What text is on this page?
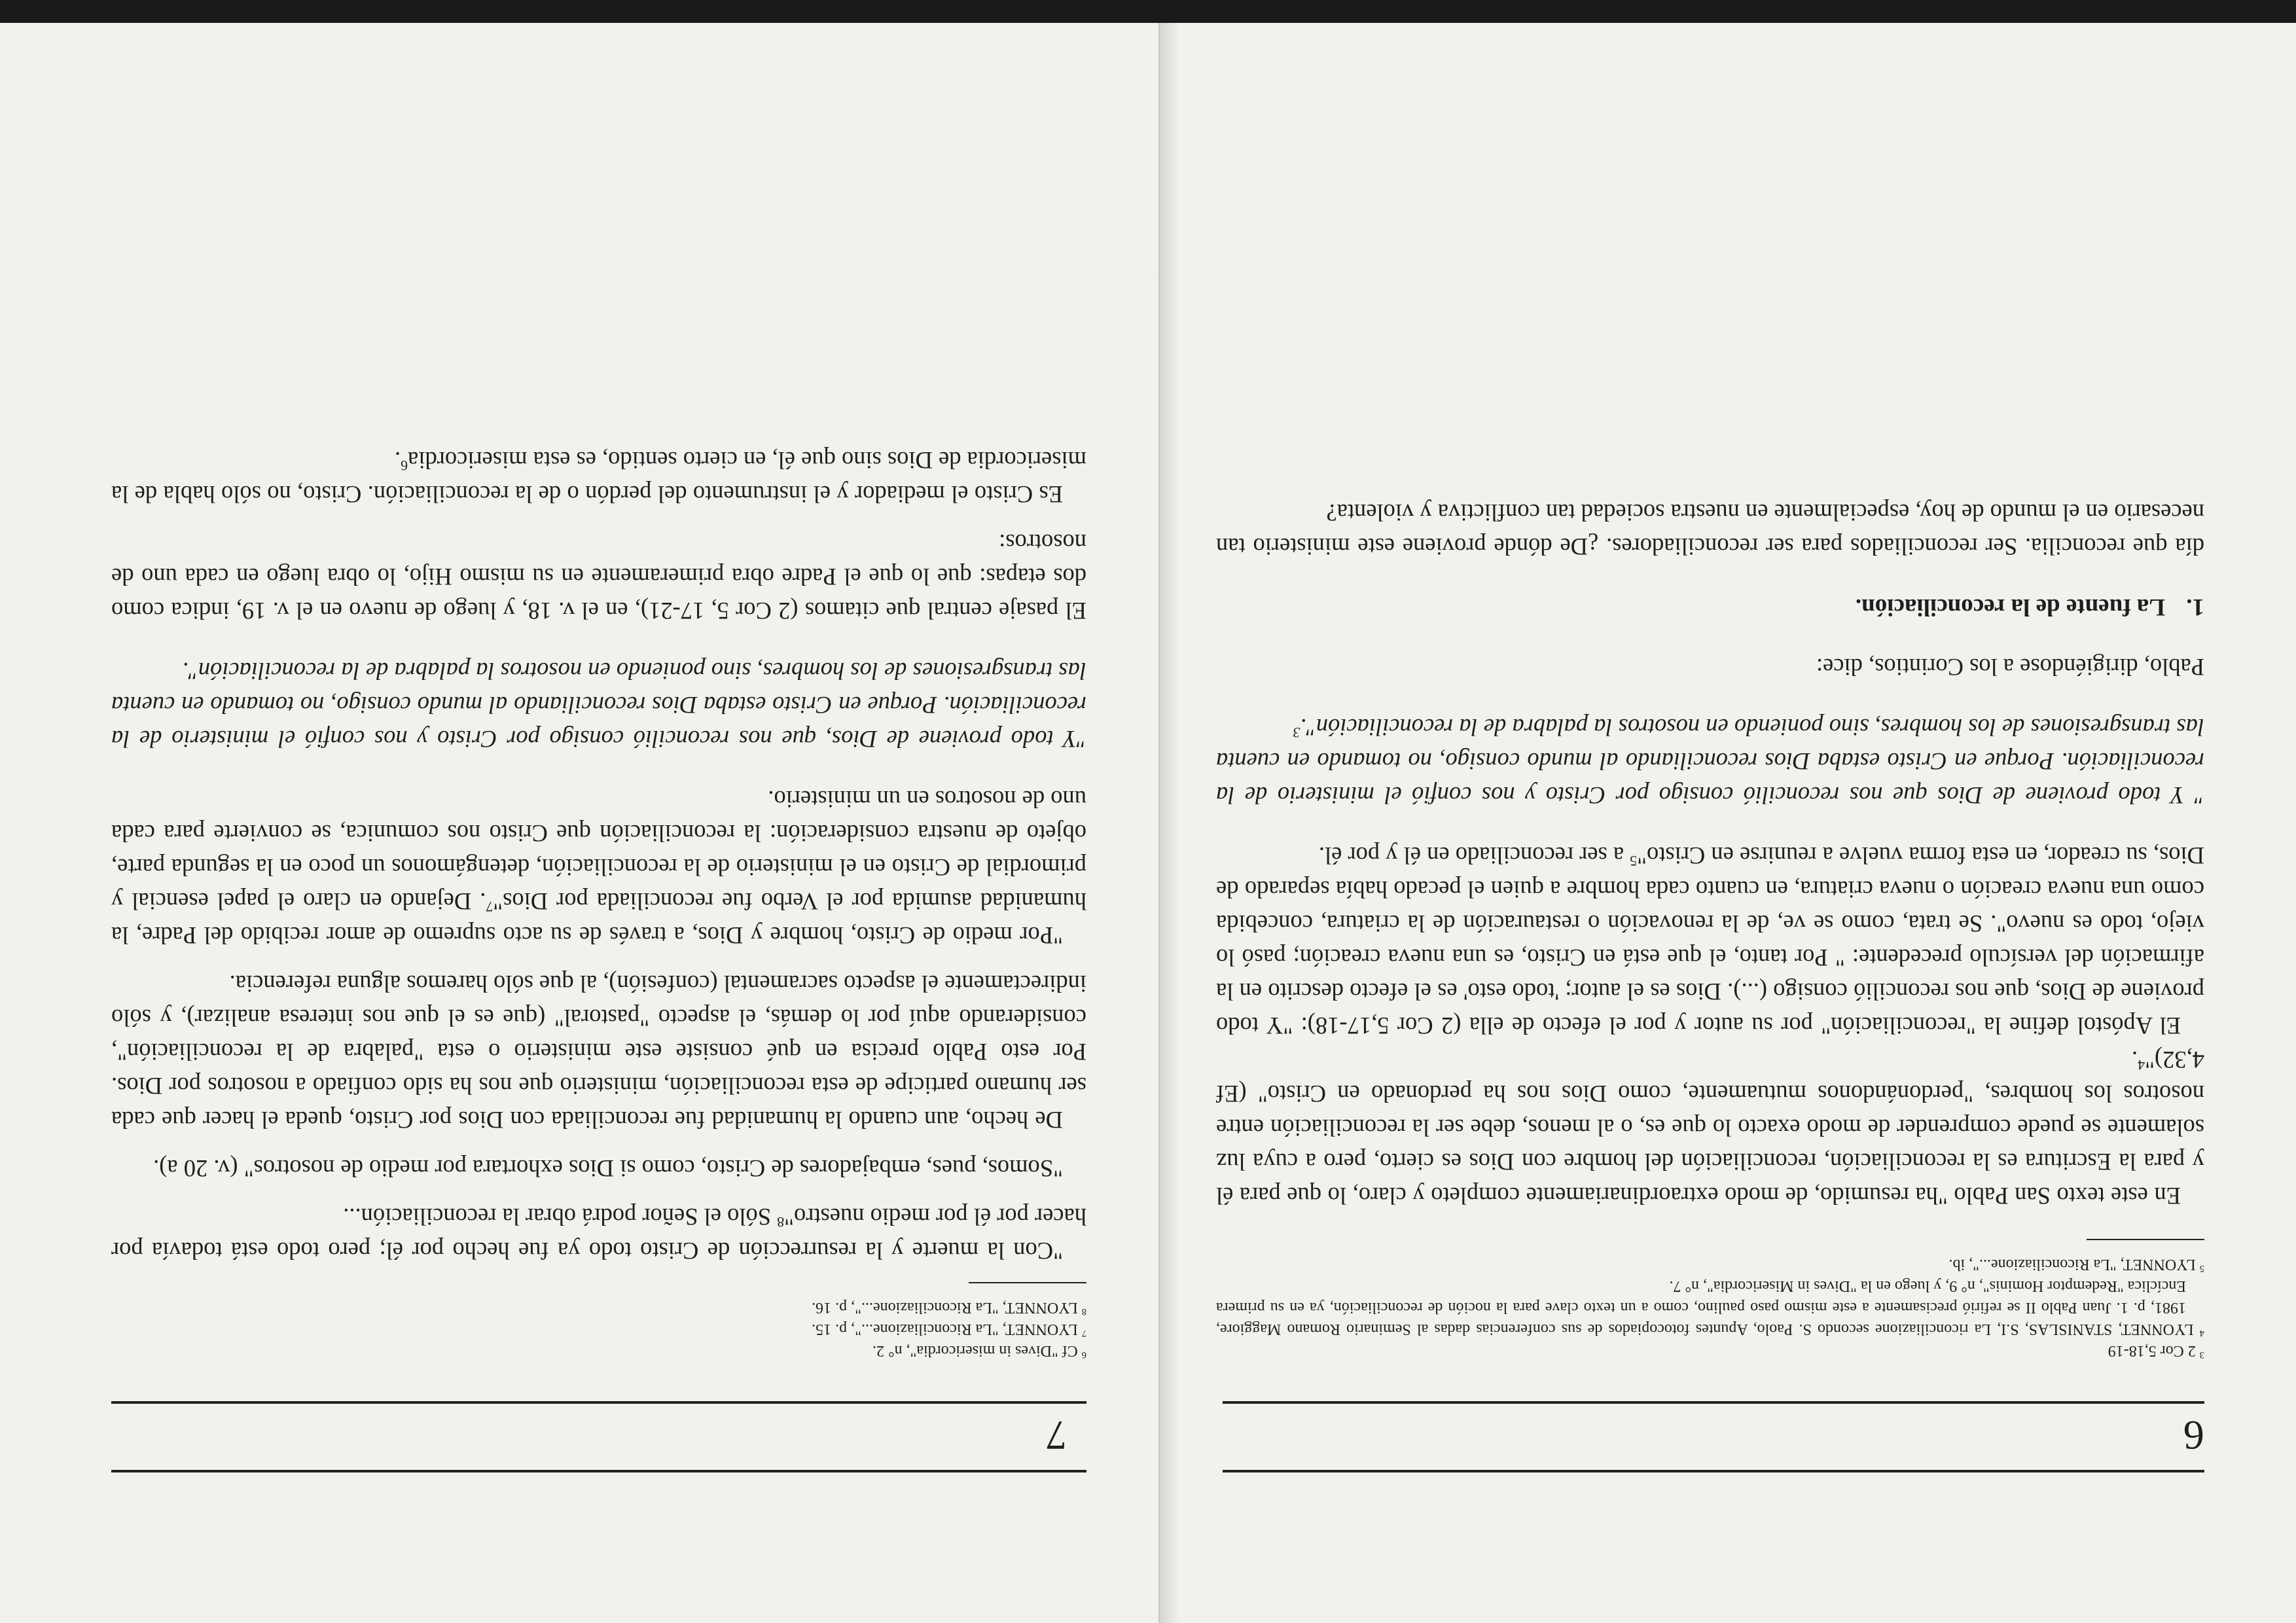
6

$^3$ 2 Cor 5,18-19

$^4$ LYONNET, STANISLAS, S.I, La riconciliazione secondo S. Paolo, Apuntes fotocopiados de sus conferencias dadas al Seminario Romano Maggiore, 1981, p. 1. Juan Pablo II se refirió precisamente a este mismo paso paulino, como a un texto clave para la noción de reconciliación, ya en su primera Encíclica "Redemptor Hominis", n° 9, y luego en la "Dives in Misericordia", n° 7.

$^5$ LYONNET, "La Riconciliazione...", ib.

En este texto San Pablo "ha resumido, de modo extraordinariamente completo y claro, lo que para él y para la Escritura es la reconciliación, reconciliación del hombre con Dios es cierto, pero a cuya luz solamente se puede comprender de modo exacto lo que es, o al menos, debe ser la reconciliación entre nosotros los hombres, "perdonándonos mutuamente, como Dios nos ha perdonado en Cristo" (Ef 4,32)"$^4$.

El Apóstol define la "reconciliación" por su autor y por el efecto de ella (2 Cor 5,17-18): "Y todo proviene de Dios, que nos reconcilió consigo (...). Dios es el autor; 'todo esto' es el efecto descrito en la afirmación del versículo precedente: " Por tanto, el que está en Cristo, es una nueva creación; pasó lo viejo, todo es nuevo". Se trata, como se ve, de la renovación o restauración de la criatura, concebida como una nueva creación o nueva criatura, en cuanto cada hombre a quien el pecado había separado de Dios, su creador, en esta forma vuelve a reunirse en Cristo"$^5$ a ser reconciliado en él y por él.

" Y todo proviene de Dios que nos reconcilió consigo por Cristo y nos confió el ministerio de la reconciliación. Porque en Cristo estaba Dios reconciliando al mundo consigo, no tomando en cuenta las transgresiones de los hombres, sino poniendo en nosotros la palabra de la reconciliación".$^3$

Pablo, dirigiéndose a los Corintios, dice:

1.La fuente de la reconciliación.

día que reconcilia. Ser reconciliados para ser reconciliadores. ¿De dónde proviene este ministerio tan necesario en el mundo de hoy, especialmente en nuestra sociedad tan conflictiva y violenta?

7

$^6$ Cf "Dives in misericordia", n° 2.

$^7$ LYONNET, "La Riconciliazione...", p. 15.

$^8$ LYONNET, "La Riconciliazione...", p. 16.

"Con la muerte y la resurrección de Cristo todo ya fue hecho por él; pero todo está todavía por hacer por él por medio nuestro"$^8$ Sólo el Señor podrá obrar la reconciliación...

"Somos, pues, embajadores de Cristo, como si Dios exhortara por medio de nosotros" (v. 20 a).

De hecho, aun cuando la humanidad fue reconciliada con Dios por Cristo, queda el hacer que cada ser humano participe de esta reconciliación, ministerio que nos ha sido confiado a nosotros por Dios. Por esto Pablo precisa en qué consiste este ministerio o esta "palabra de la reconciliación", considerando aquí por lo demás, el aspecto "pastoral" (que es el que nos interesa analizar), y sólo indirectamente el aspecto sacramental (confesión), al que sólo haremos alguna referencia.

"Por medio de Cristo, hombre y Dios, a través de su acto supremo de amor recibido del Padre, la humanidad asumida por el Verbo fue reconciliada por Dios"$^7$. Dejando en claro el papel esencial y primordial de Cristo en el ministerio de la reconciliación, detengámonos un poco en la segunda parte, objeto de nuestra consideración: la reconciliación que Cristo nos comunica, se convierte para cada uno de nosotros en un ministerio.

"Y todo proviene de Dios, que nos reconcilió consigo por Cristo y nos confió el ministerio de la reconciliación. Porque en Cristo estaba Dios reconciliando al mundo consigo, no tomando en cuenta las transgresiones de los hombres, sino poniendo en nosotros la palabra de la reconciliación".

El pasaje central que citamos (2 Cor 5, 17-21), en el v. 18, y luego de nuevo en el v. 19, indica como dos etapas: que lo que el Padre obra primeramente en su mismo Hijo, lo obra luego en cada uno de nosotros:

Es Cristo el mediador y el instrumento del perdón o de la reconciliación. Cristo, no sólo habla de la misericordia de Dios sino que él, en cierto sentido, es esta misericordia$^6$.
